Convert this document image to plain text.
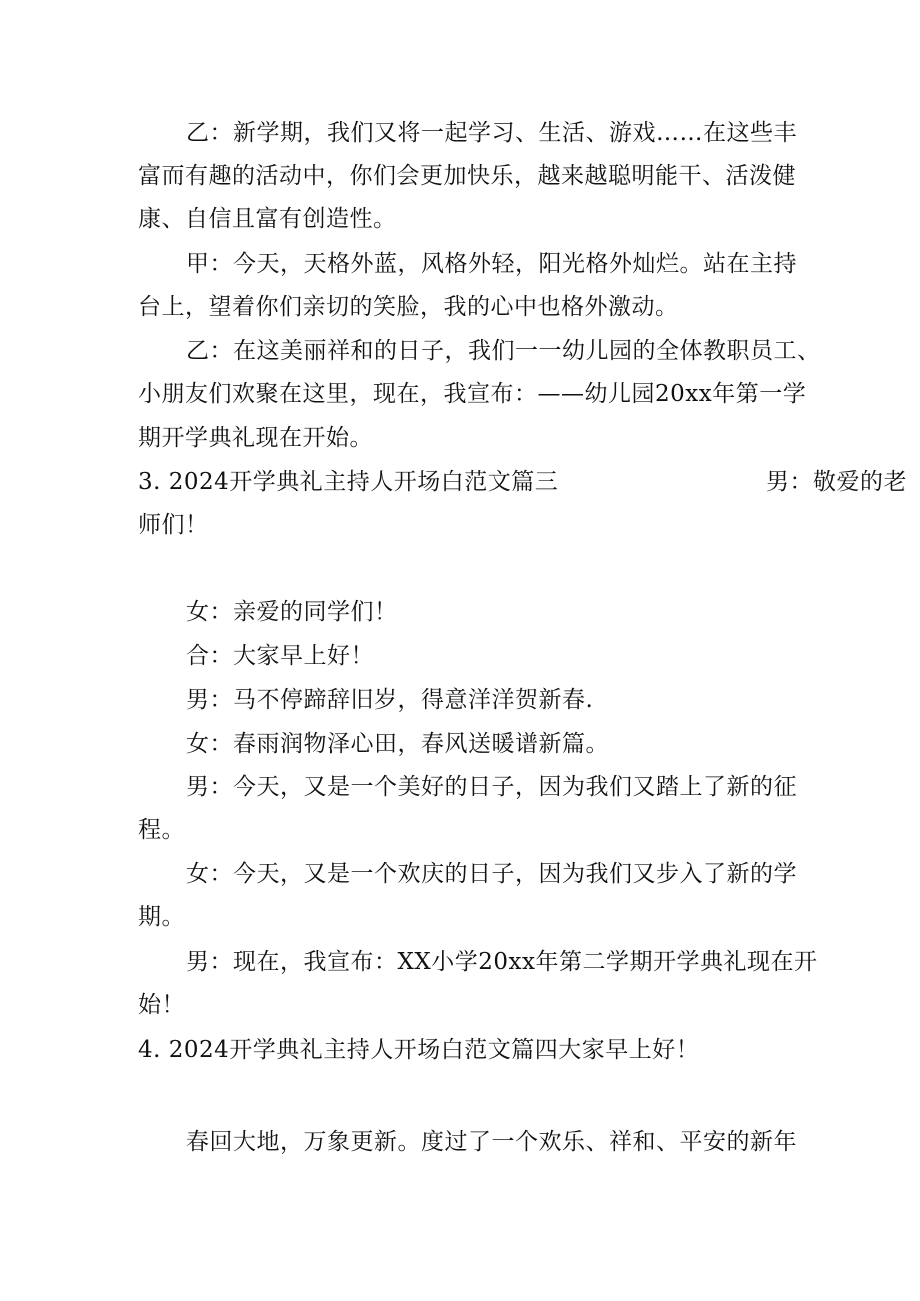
乙：新学期，我们又将一起学习、生活、游戏……在这些丰
富而有趣的活动中，你们会更加快乐，越来越聪明能干、活泼健
康、自信且富有创造性。
甲：今天，天格外蓝，风格外轻，阳光格外灿烂。站在主持
台上，望着你们亲切的笑脸，我的心中也格外激动。
乙：在这美丽祥和的日子，我们一一幼儿园的全体教职员工、
小朋友们欢聚在这里，现在，我宣布：——幼儿园20xx年第一学
期开学典礼现在开始。
3. 2024开学典礼主持人开场白范文篇三	男：敬爱的老
师们！
女：亲爱的同学们！
合：大家早上好！
男：马不停蹄辞旧岁，得意洋洋贺新春.
女：春雨润物泽心田，春风送暖谱新篇。
男：今天，又是一个美好的日子，因为我们又踏上了新的征
程。
女：今天，又是一个欢庆的日子，因为我们又步入了新的学
期。
男：现在，我宣布：XX小学20xx年第二学期开学典礼现在开
始！
4. 2024开学典礼主持人开场白范文篇四大家早上好！
春回大地，万象更新。度过了一个欢乐、祥和、平安的新年
